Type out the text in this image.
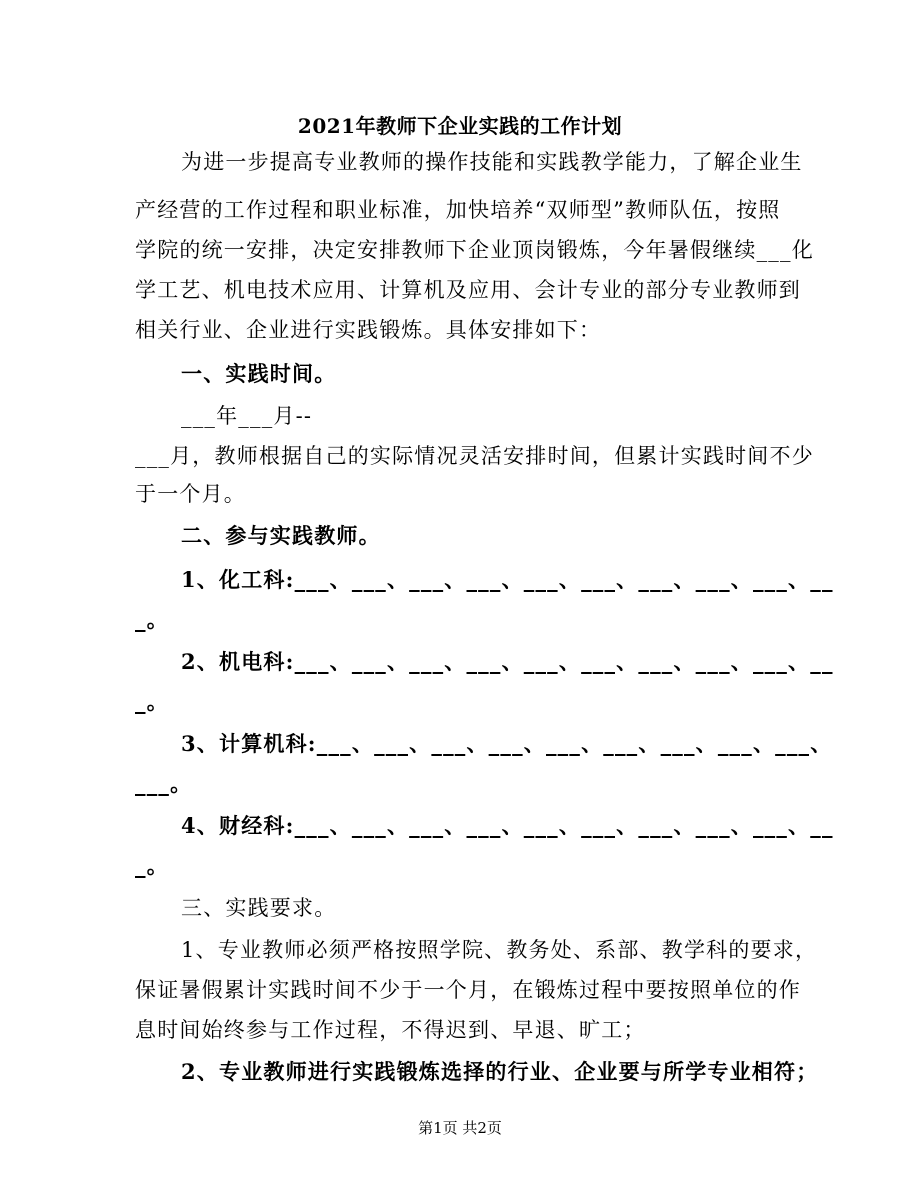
2021年教师下企业实践的工作计划
为进一步提高专业教师的操作技能和实践教学能力，了解企业生
产经营的工作过程和职业标准，加快培养“双师型”教师队伍，按照
学院的统一安排，决定安排教师下企业顶岗锻炼，今年暑假继续___化
学工艺、机电技术应用、计算机及应用、会计专业的部分专业教师到
相关行业、企业进行实践锻炼。具体安排如下：
一、实践时间。
___年___月--
___月，教师根据自己的实际情况灵活安排时间，但累计实践时间不少
于一个月。
二、参与实践教师。
1、化工科:___、___、___、___、___、___、___、___、___、__
_。
2、机电科:___、___、___、___、___、___、___、___、___、__
_。
3、计算机科:___、___、___、___、___、___、___、___、___、
___。
4、财经科:___、___、___、___、___、___、___、___、___、__
_。
三、实践要求。
1、专业教师必须严格按照学院、教务处、系部、教学科的要求，
保证暑假累计实践时间不少于一个月，在锻炼过程中要按照单位的作
息时间始终参与工作过程，不得迟到、早退、旷工；
2、专业教师进行实践锻炼选择的行业、企业要与所学专业相符；
第1页 共2页
